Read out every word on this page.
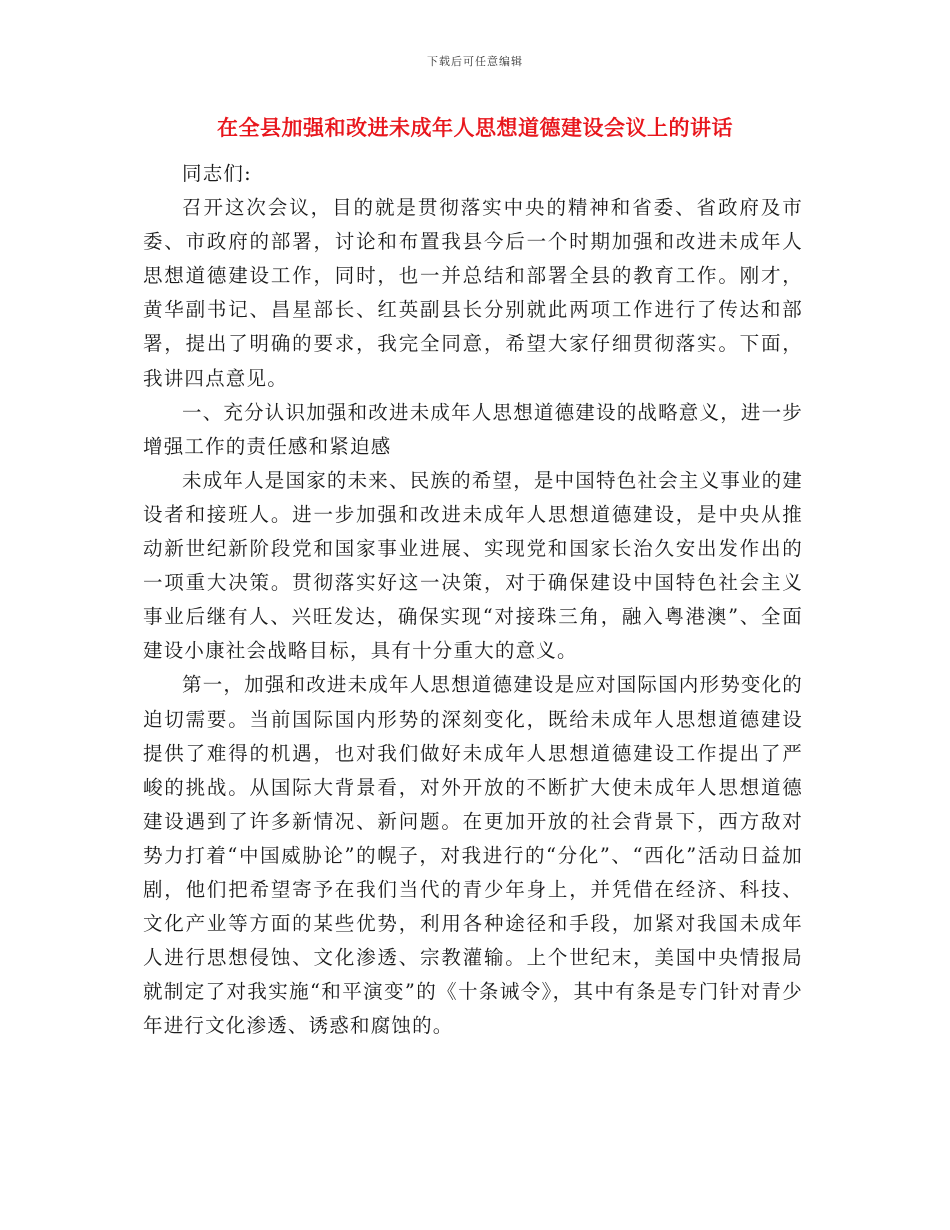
下载后可任意编辑
在全县加强和改进未成年人思想道德建设会议上的讲话

同志们:

召开这次会议，目的就是贯彻落实中央的精神和省委、省政府及市委、市政府的部署，讨论和布置我县今后一个时期加强和改进未成年人思想道德建设工作，同时，也一并总结和部署全县的教育工作。刚才，黄华副书记、昌星部长、红英副县长分别就此两项工作进行了传达和部署，提出了明确的要求，我完全同意，希望大家仔细贯彻落实。下面，我讲四点意见。

一、充分认识加强和改进未成年人思想道德建设的战略意义，进一步增强工作的责任感和紧迫感

未成年人是国家的未来、民族的希望，是中国特色社会主义事业的建设者和接班人。进一步加强和改进未成年人思想道德建设，是中央从推动新世纪新阶段党和国家事业进展、实现党和国家长治久安出发作出的一项重大决策。贯彻落实好这一决策，对于确保建设中国特色社会主义事业后继有人、兴旺发达，确保实现“对接珠三角，融入粤港澳”、全面建设小康社会战略目标，具有十分重大的意义。

第一，加强和改进未成年人思想道德建设是应对国际国内形势变化的迫切需要。当前国际国内形势的深刻变化，既给未成年人思想道德建设提供了难得的机遇，也对我们做好未成年人思想道德建设工作提出了严峻的挑战。从国际大背景看，对外开放的不断扩大使未成年人思想道德建设遇到了许多新情况、新问题。在更加开放的社会背景下，西方敌对势力打着“中国威胁论”的幌子，对我进行的“分化”、“西化”活动日益加剧，他们把希望寄予在我们当代的青少年身上，并凭借在经济、科技、文化产业等方面的某些优势，利用各种途径和手段，加紧对我国未成年人进行思想侵蚀、文化渗透、宗教灌输。上个世纪末，美国中央情报局就制定了对我实施“和平演变”的《十条诫令》，其中有条是专门针对青少年进行文化渗透、诱惑和腐蚀的。
